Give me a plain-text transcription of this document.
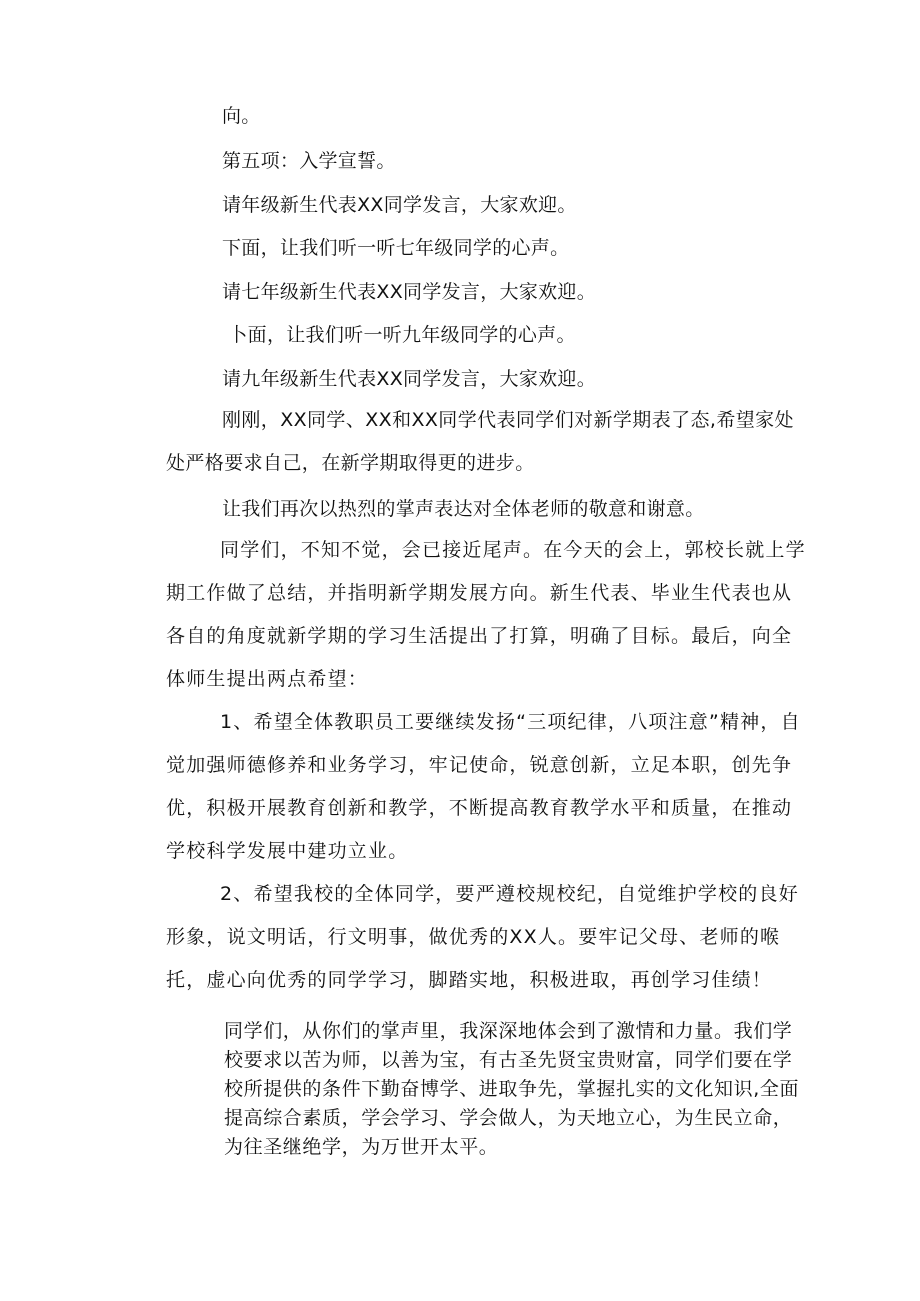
向。
第五项：入学宣誓。
请年级新生代表XX同学发言，大家欢迎。
下面，让我们听一听七年级同学的心声。
请七年级新生代表XX同学发言，大家欢迎。
卜面，让我们听一听九年级同学的心声。
请九年级新生代表XX同学发言，大家欢迎。
刚刚，XX同学、XX和XX同学代表同学们对新学期表了态,希望家处处严格要求自己，在新学期取得更的进步。
让我们再次以热烈的掌声表达对全体老师的敬意和谢意。
同学们，不知不觉，会已接近尾声。在今天的会上，郭校长就上学期工作做了总结，并指明新学期发展方向。新生代表、毕业生代表也从各自的角度就新学期的学习生活提出了打算，明确了目标。最后，向全体师生提出两点希望：
1、希望全体教职员工要继续发扬“三项纪律，八项注意”精神，自觉加强师德修养和业务学习，牢记使命，锐意创新，立足本职，创先争优，积极开展教育创新和教学，不断提高教育教学水平和质量，在推动学校科学发展中建功立业。
2、希望我校的全体同学，要严遵校规校纪，自觉维护学校的良好形象，说文明话，行文明事，做优秀的XX人。要牢记父母、老师的喉托，虚心向优秀的同学学习，脚踏实地，积极进取，再创学习佳绩！
同学们，从你们的掌声里，我深深地体会到了激情和力量。我们学校要求以苦为师，以善为宝，有古圣先贤宝贵财富，同学们要在学校所提供的条件下勤奋博学、进取争先，掌握扎实的文化知识,全面提高综合素质，学会学习、学会做人，为天地立心，为生民立命，为往圣继绝学，为万世开太平。
